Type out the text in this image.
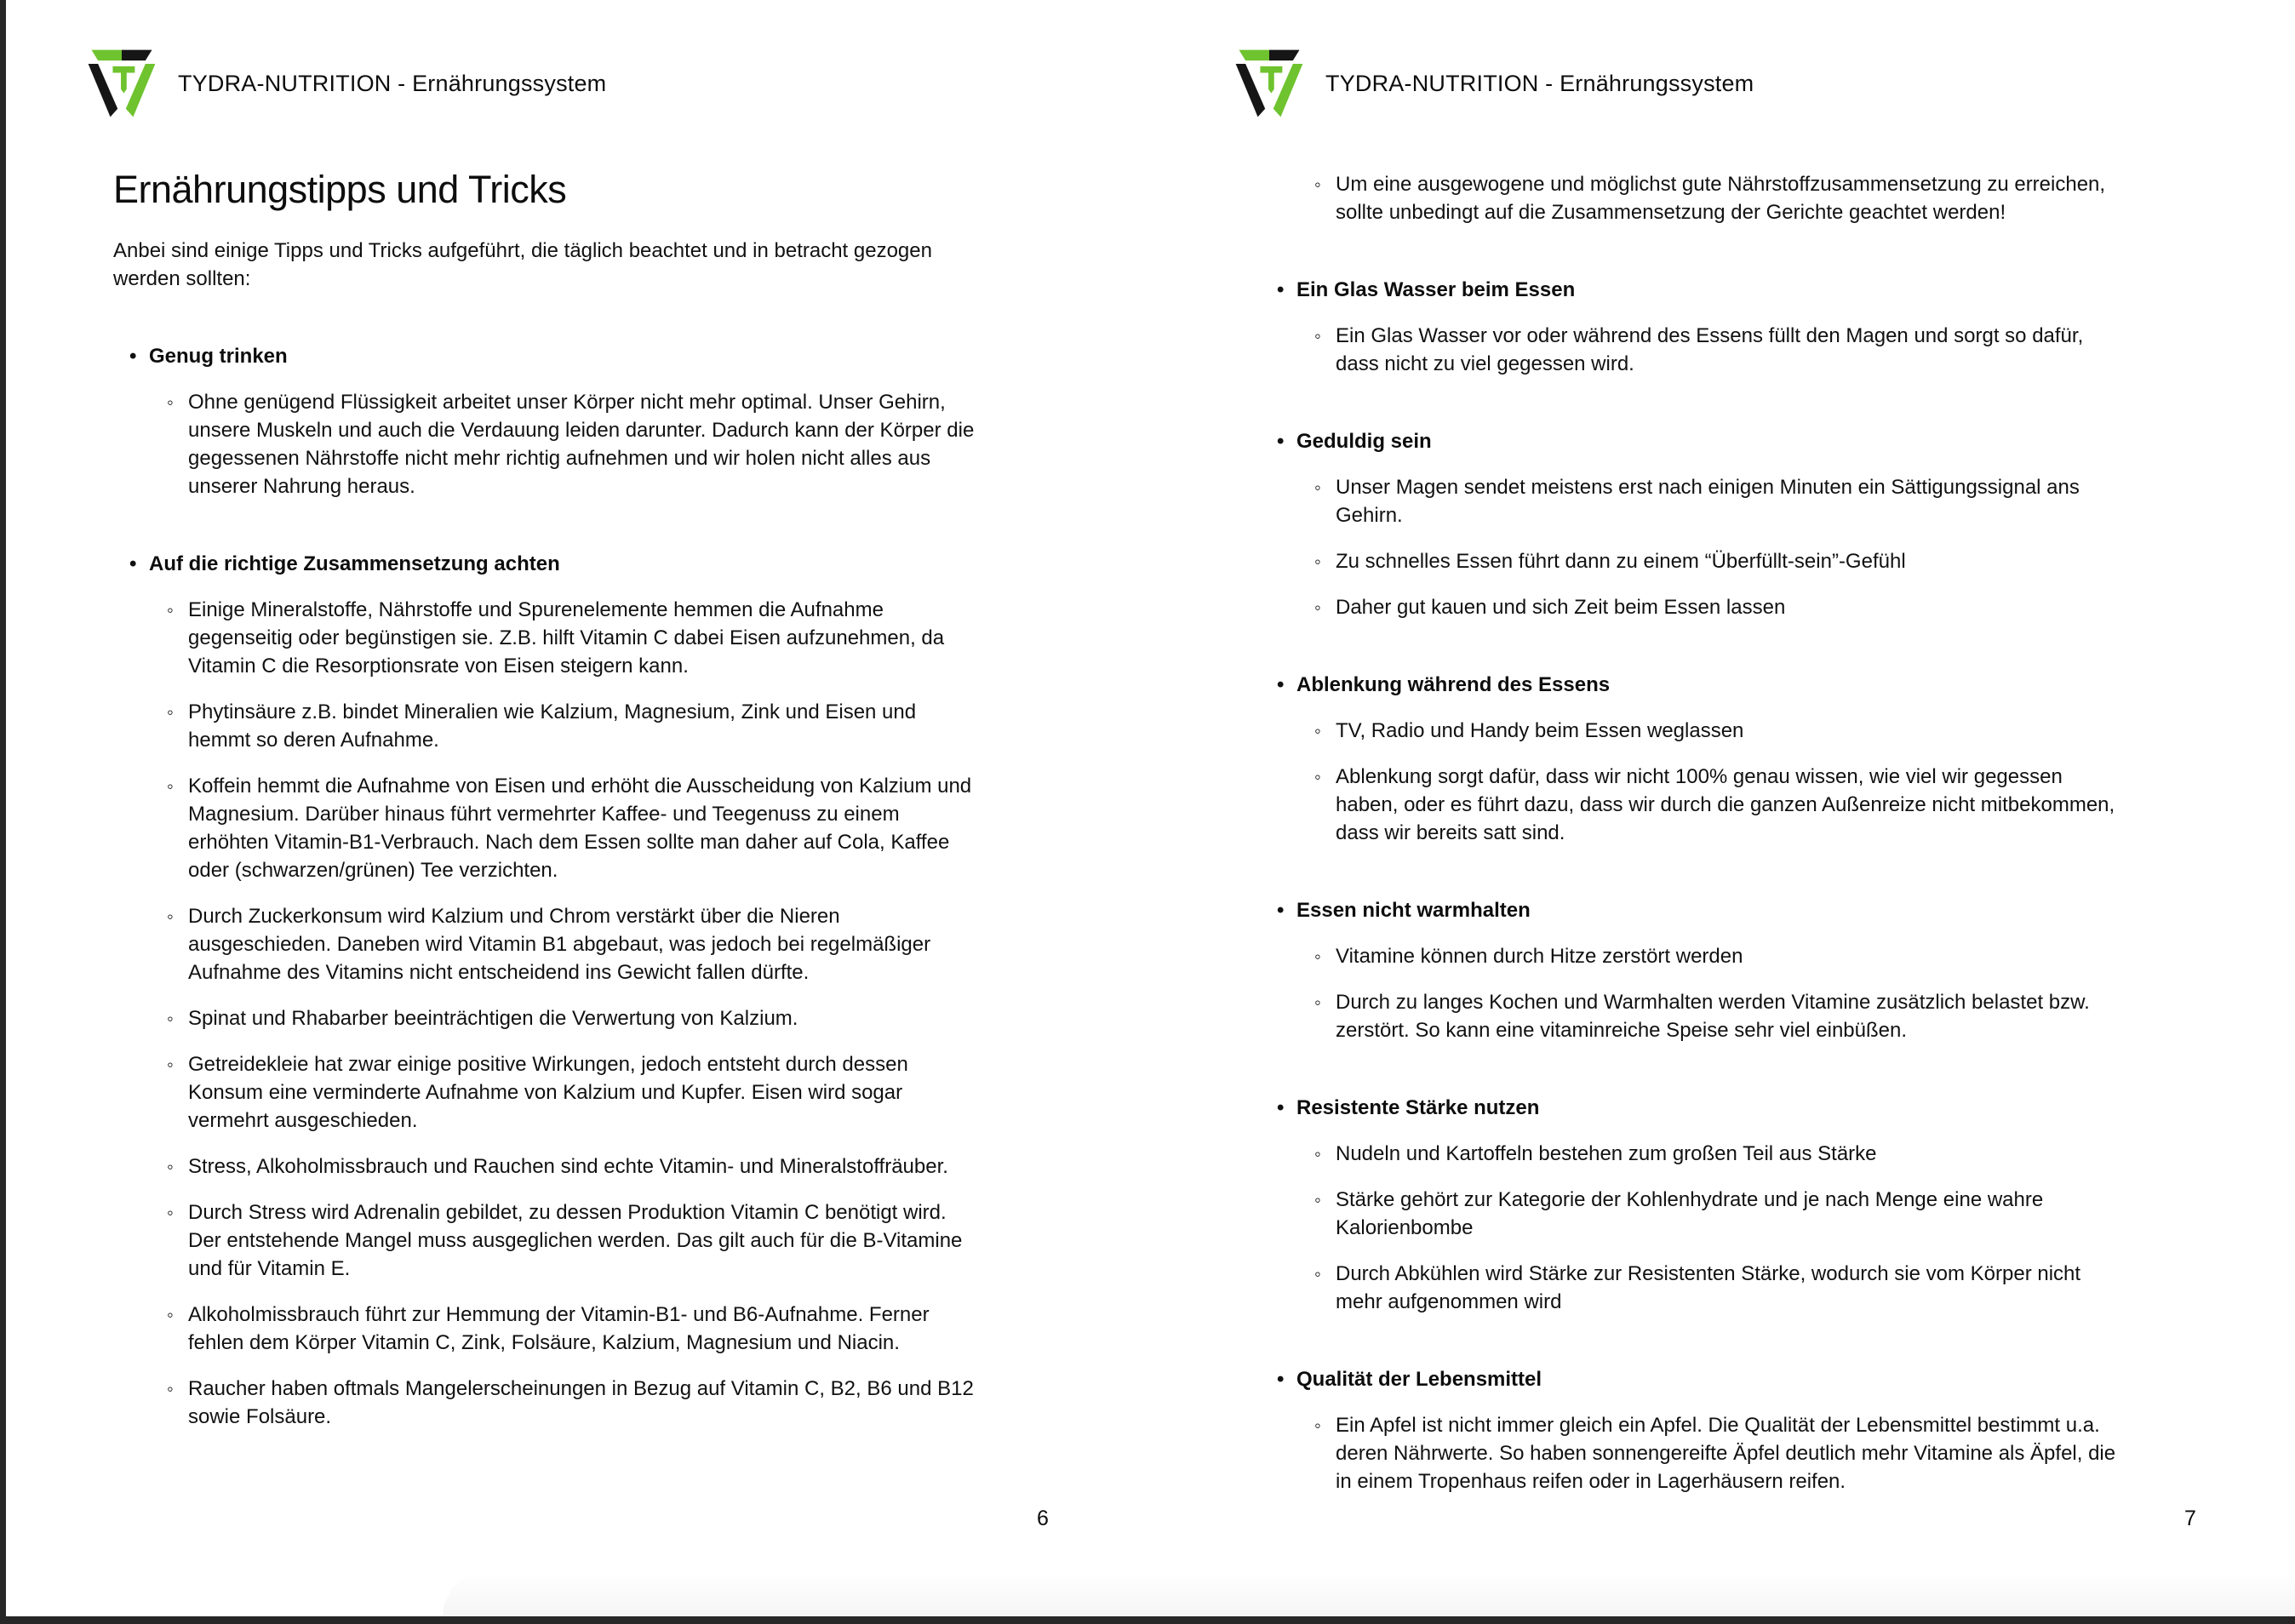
TYDRA-NUTRITION - Ernährungssystem
Ernährungstipps und Tricks

Anbei sind einige Tipps und Tricks aufgeführt, die täglich beachtet und in betracht gezogen werden sollten:

• Genug trinken
◦ Ohne genügend Flüssigkeit arbeitet unser Körper nicht mehr optimal. Unser Gehirn, unsere Muskeln und auch die Verdauung leiden darunter. Dadurch kann der Körper die gegessenen Nährstoffe nicht mehr richtig aufnehmen und wir holen nicht alles aus unserer Nahrung heraus.
• Auf die richtige Zusammensetzung achten
◦ Einige Mineralstoffe, Nährstoffe und Spurenelemente hemmen die Aufnahme gegenseitig oder begünstigen sie. Z.B. hilft Vitamin C dabei Eisen aufzunehmen, da Vitamin C die Resorptionsrate von Eisen steigern kann.
◦ Phytinsäure z.B. bindet Mineralien wie Kalzium, Magnesium, Zink und Eisen und hemmt so deren Aufnahme.
◦ Koffein hemmt die Aufnahme von Eisen und erhöht die Ausscheidung von Kalzium und Magnesium. Darüber hinaus führt vermehrter Kaffee- und Teegenuss zu einem erhöhten Vitamin-B1-Verbrauch. Nach dem Essen sollte man daher auf Cola, Kaffee oder (schwarzen/grünen) Tee verzichten.
◦ Durch Zuckerkonsum wird Kalzium und Chrom verstärkt über die Nieren ausgeschieden. Daneben wird Vitamin B1 abgebaut, was jedoch bei regelmäßiger Aufnahme des Vitamins nicht entscheidend ins Gewicht fallen dürfte.
◦ Spinat und Rhabarber beeinträchtigen die Verwertung von Kalzium.
◦ Getreidekleie hat zwar einige positive Wirkungen, jedoch entsteht durch dessen Konsum eine verminderte Aufnahme von Kalzium und Kupfer. Eisen wird sogar vermehrt ausgeschieden.
◦ Stress, Alkoholmissbrauch und Rauchen sind echte Vitamin- und Mineralstoffräuber.
◦ Durch Stress wird Adrenalin gebildet, zu dessen Produktion Vitamin C benötigt wird. Der entstehende Mangel muss ausgeglichen werden. Das gilt auch für die B-Vitamine und für Vitamin E.
◦ Alkoholmissbrauch führt zur Hemmung der Vitamin-B1- und B6-Aufnahme. Ferner fehlen dem Körper Vitamin C, Zink, Folsäure, Kalzium, Magnesium und Niacin.
◦ Raucher haben oftmals Mangelerscheinungen in Bezug auf Vitamin C, B2, B6 und B12 sowie Folsäure.
6
TYDRA-NUTRITION - Ernährungssystem
◦ Um eine ausgewogene und möglichst gute Nährstoffzusammensetzung zu erreichen, sollte unbedingt auf die Zusammensetzung der Gerichte geachtet werden!
• Ein Glas Wasser beim Essen
◦ Ein Glas Wasser vor oder während des Essens füllt den Magen und sorgt so dafür, dass nicht zu viel gegessen wird.
• Geduldig sein
◦ Unser Magen sendet meistens erst nach einigen Minuten ein Sättigungssignal ans Gehirn.
◦ Zu schnelles Essen führt dann zu einem “Überfüllt-sein”-Gefühl
◦ Daher gut kauen und sich Zeit beim Essen lassen
• Ablenkung während des Essens
◦ TV, Radio und Handy beim Essen weglassen
◦ Ablenkung sorgt dafür, dass wir nicht 100% genau wissen, wie viel wir gegessen haben, oder es führt dazu, dass wir durch die ganzen Außenreize nicht mitbekommen, dass wir bereits satt sind.
• Essen nicht warmhalten
◦ Vitamine können durch Hitze zerstört werden
◦ Durch zu langes Kochen und Warmhalten werden Vitamine zusätzlich belastet bzw. zerstört. So kann eine vitaminreiche Speise sehr viel einbüßen.
• Resistente Stärke nutzen
◦ Nudeln und Kartoffeln bestehen zum großen Teil aus Stärke
◦ Stärke gehört zur Kategorie der Kohlenhydrate und je nach Menge eine wahre Kalorienbombe
◦ Durch Abkühlen wird Stärke zur Resistenten Stärke, wodurch sie vom Körper nicht mehr aufgenommen wird
• Qualität der Lebensmittel
◦ Ein Apfel ist nicht immer gleich ein Apfel. Die Qualität der Lebensmittel bestimmt u.a. deren Nährwerte. So haben sonnengereifte Äpfel deutlich mehr Vitamine als Äpfel, die in einem Tropenhaus reifen oder in Lagerhäusern reifen.
7
